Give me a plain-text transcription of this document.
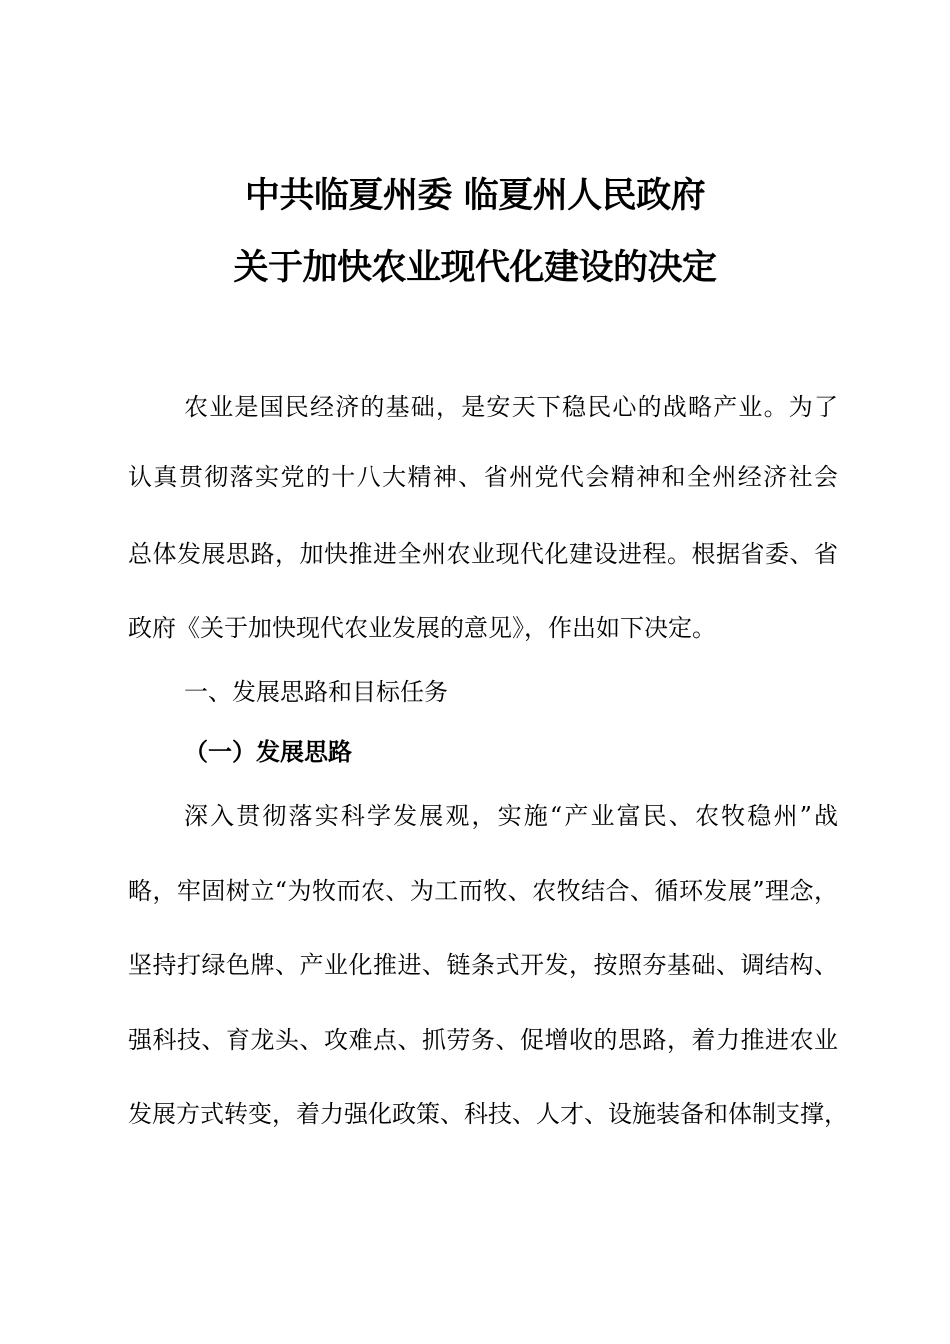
中共临夏州委 临夏州人民政府
关于加快农业现代化建设的决定
农业是国民经济的基础，是安天下稳民心的战略产业。为了
认真贯彻落实党的十八大精神、省州党代会精神和全州经济社会
总体发展思路，加快推进全州农业现代化建设进程。根据省委、省
政府《关于加快现代农业发展的意见》，作出如下决定。
一、发展思路和目标任务
（一）发展思路
深入贯彻落实科学发展观，实施“产业富民、农牧稳州”战
略，牢固树立“为牧而农、为工而牧、农牧结合、循环发展”理念，
坚持打绿色牌、产业化推进、链条式开发，按照夯基础、调结构、
强科技、育龙头、攻难点、抓劳务、促增收的思路，着力推进农业
发展方式转变，着力强化政策、科技、人才、设施装备和体制支撑，
